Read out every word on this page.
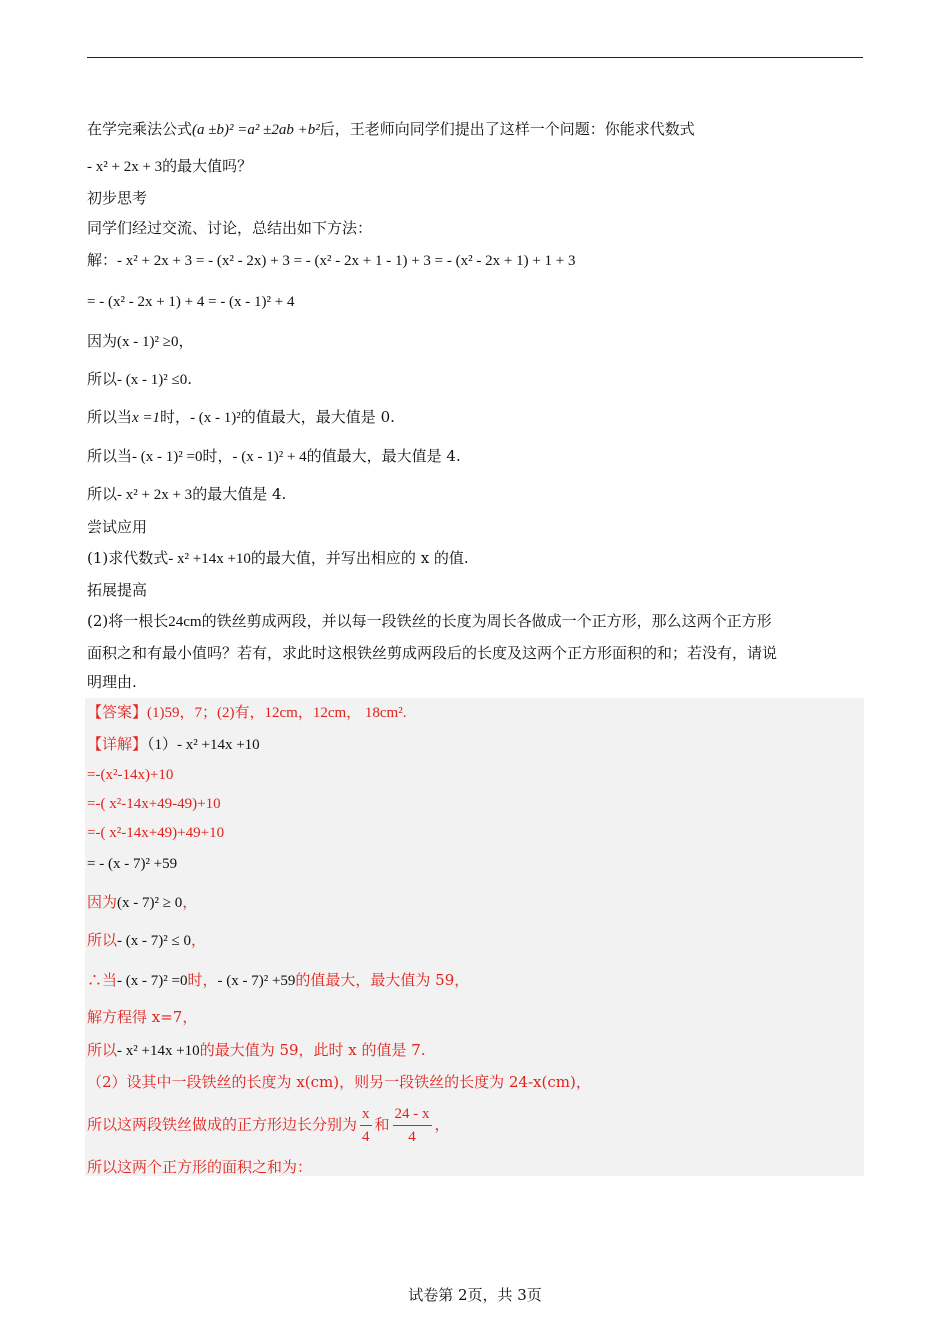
在学完乘法公式(a ±b)² =a² ±2ab +b²后，王老师向同学们提出了这样一个问题：你能求代数式
- x² + 2x + 3的最大值吗？
初步思考
同学们经过交流、讨论，总结出如下方法：
解：- x² + 2x + 3 = - (x² - 2x) + 3 = - (x² - 2x + 1 - 1) + 3 = - (x² - 2x + 1) + 1 + 3
= - (x² - 2x + 1) + 4 = - (x - 1)² + 4
因为(x - 1)² ≥0，
所以- (x - 1)² ≤0.
所以当x =1时，- (x - 1)²的值最大，最大值是 0.
所以当- (x - 1)² =0时，- (x - 1)² + 4的值最大，最大值是 4.
所以- x² + 2x + 3的最大值是 4.
尝试应用
(1)求代数式- x² +14x +10的最大值，并写出相应的 x 的值.
拓展提高
(2)将一根长24cm的铁丝剪成两段，并以每一段铁丝的长度为周长各做成一个正方形，那么这两个正方形
面积之和有最小值吗？若有，求此时这根铁丝剪成两段后的长度及这两个正方形面积的和；若没有，请说
明理由.
【答案】(1)59，7；(2)有，12cm，12cm， 18cm².
【详解】（1）- x² +14x +10
=-(x²-14x)+10
=-( x²-14x+49-49)+10
=-( x²-14x+49)+49+10
= - (x - 7)² +59
因为(x - 7)² ≥ 0，
所以- (x - 7)² ≤ 0，
∴当- (x - 7)² =0时，- (x - 7)² +59的值最大，最大值为 59，
解方程得 x=7，
所以- x² +14x +10的最大值为 59，此时 x 的值是 7.
（2）设其中一段铁丝的长度为 x(cm)，则另一段铁丝的长度为 24-x(cm)，
所以这两段铁丝做成的正方形边长分别为 $\frac{x}{4}$ 和 $\frac{24 - x}{4}$ ，
所以这两个正方形的面积之和为：
试卷第 2页，共 3页
